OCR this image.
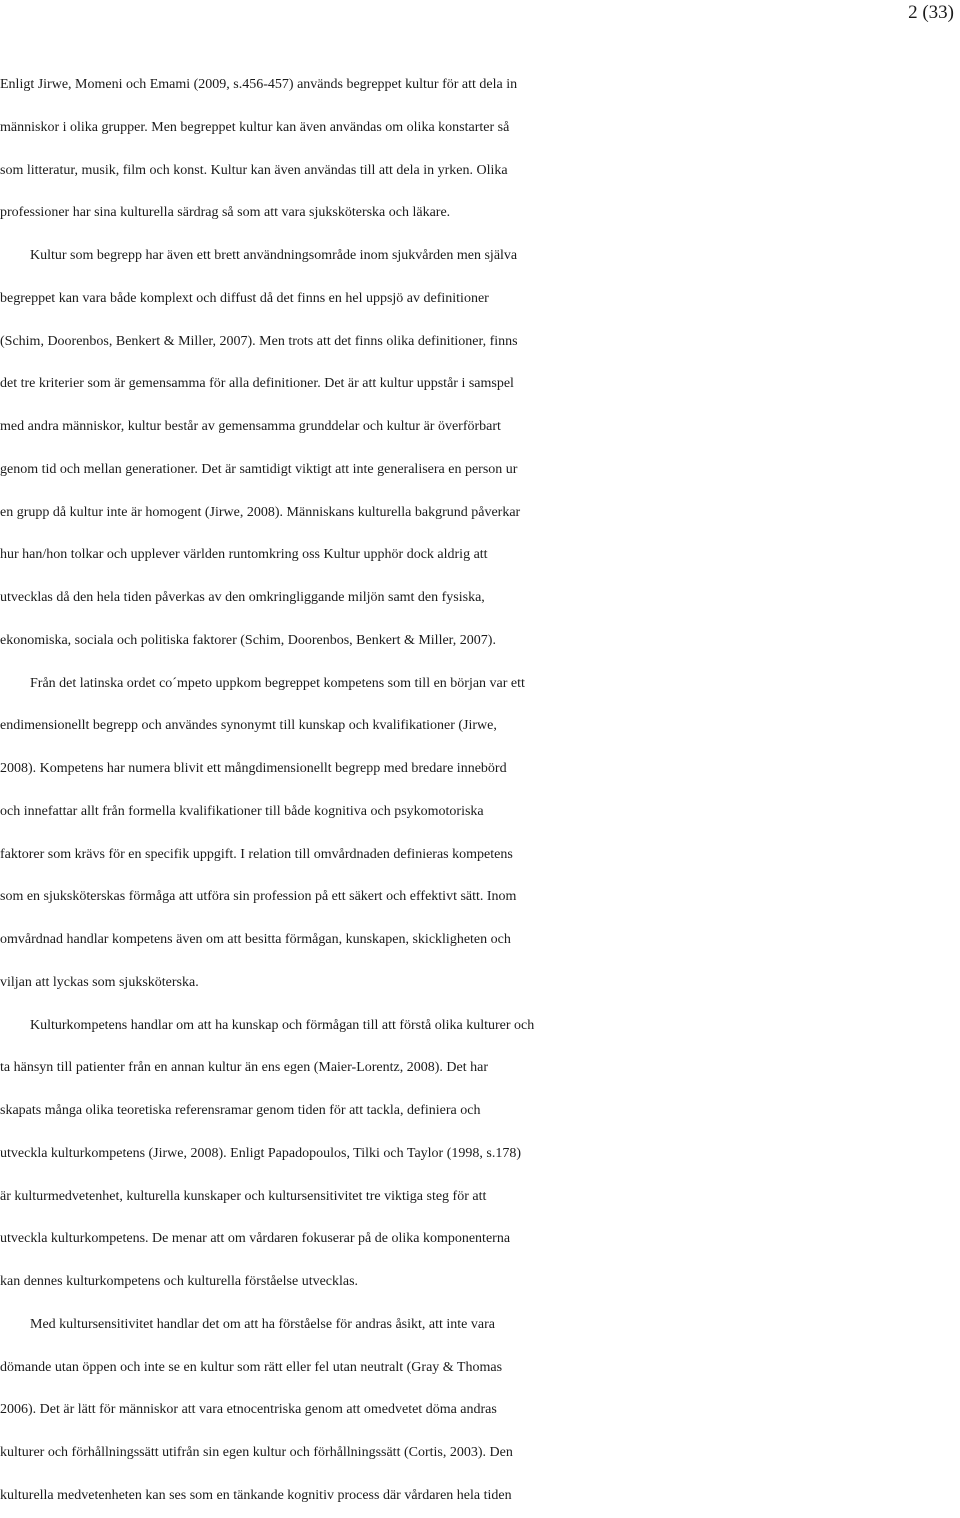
2 (33)
Enligt Jirwe, Momeni och Emami (2009, s.456-457) används begreppet kultur för att dela in
människor i olika grupper. Men begreppet kultur kan även användas om olika konstarter så
som litteratur, musik, film och konst. Kultur kan även användas till att dela in yrken. Olika
professioner har sina kulturella särdrag så som att vara sjuksköterska och läkare.
Kultur som begrepp har även ett brett användningsområde inom sjukvården men själva
begreppet kan vara både komplext och diffust då det finns en hel uppsjö av definitioner
(Schim, Doorenbos, Benkert & Miller, 2007). Men trots att det finns olika definitioner, finns
det tre kriterier som är gemensamma för alla definitioner. Det är att kultur uppstår i samspel
med andra människor, kultur består av gemensamma grunddelar och kultur är överförbart
genom tid och mellan generationer. Det är samtidigt viktigt att inte generalisera en person ur
en grupp då kultur inte är homogent (Jirwe, 2008). Människans kulturella bakgrund påverkar
hur han/hon tolkar och upplever världen runtomkring oss Kultur upphör dock aldrig att
utvecklas då den hela tiden påverkas av den omkringliggande miljön samt den fysiska,
ekonomiska, sociala och politiska faktorer (Schim, Doorenbos, Benkert & Miller, 2007).
Från det latinska ordet co´mpeto uppkom begreppet kompetens som till en början var ett
endimensionellt begrepp och användes synonymt till kunskap och kvalifikationer (Jirwe,
2008). Kompetens har numera blivit ett mångdimensionellt begrepp med bredare innebörd
och innefattar allt från formella kvalifikationer till både kognitiva och psykomotoriska
faktorer som krävs för en specifik uppgift. I relation till omvårdnaden definieras kompetens
som en sjuksköterskas förmåga att utföra sin profession på ett säkert och effektivt sätt. Inom
omvårdnad handlar kompetens även om att besitta förmågan, kunskapen, skickligheten och
viljan att lyckas som sjuksköterska.
Kulturkompetens handlar om att ha kunskap och förmågan till att förstå olika kulturer och
ta hänsyn till patienter från en annan kultur än ens egen (Maier-Lorentz, 2008). Det har
skapats många olika teoretiska referensramar genom tiden för att tackla, definiera och
utveckla kulturkompetens (Jirwe, 2008). Enligt Papadopoulos, Tilki och Taylor (1998, s.178)
är kulturmedvetenhet, kulturella kunskaper och kultursensitivitet tre viktiga steg för att
utveckla kulturkompetens. De menar att om vårdaren fokuserar på de olika komponenterna
kan dennes kulturkompetens och kulturella förståelse utvecklas.
Med kultursensitivitet handlar det om att ha förståelse för andras åsikt, att inte vara
dömande utan öppen och inte se en kultur som rätt eller fel utan neutralt (Gray & Thomas
2006). Det är lätt för människor att vara etnocentriska genom att omedvetet döma andras
kulturer och förhållningssätt utifrån sin egen kultur och förhållningssätt (Cortis, 2003). Den
kulturella medvetenheten kan ses som en tänkande kognitiv process där vårdaren hela tiden
